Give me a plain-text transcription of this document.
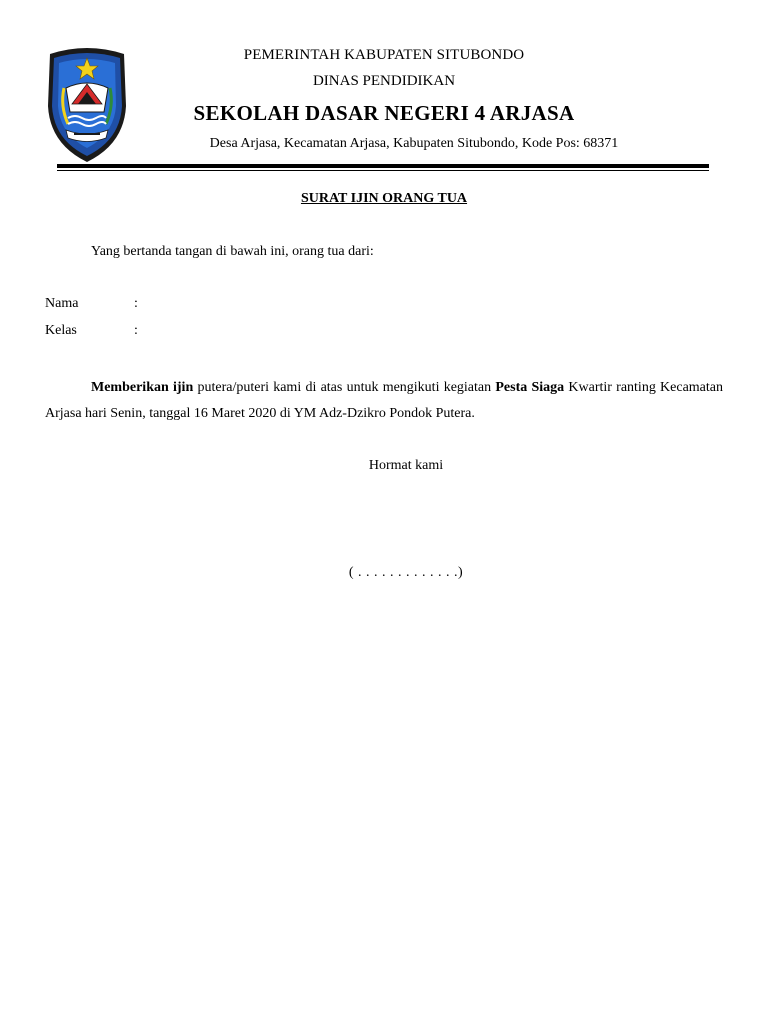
PEMERINTAH KABUPATEN SITUBONDO
DINAS PENDIDIKAN
SEKOLAH DASAR NEGERI 4 ARJASA
Desa Arjasa, Kecamatan Arjasa, Kabupaten Situbondo, Kode Pos: 68371
SURAT IJIN ORANG TUA
Yang bertanda tangan di bawah ini, orang tua dari:
Nama	:
Kelas	:
Memberikan ijin putera/puteri kami di atas untuk mengikuti kegiatan Pesta Siaga Kwartir ranting Kecamatan Arjasa hari Senin, tanggal 16 Maret 2020 di YM Adz-Dzikro Pondok Putera.
Hormat kami
( . . . . . . . . . . . . .)
